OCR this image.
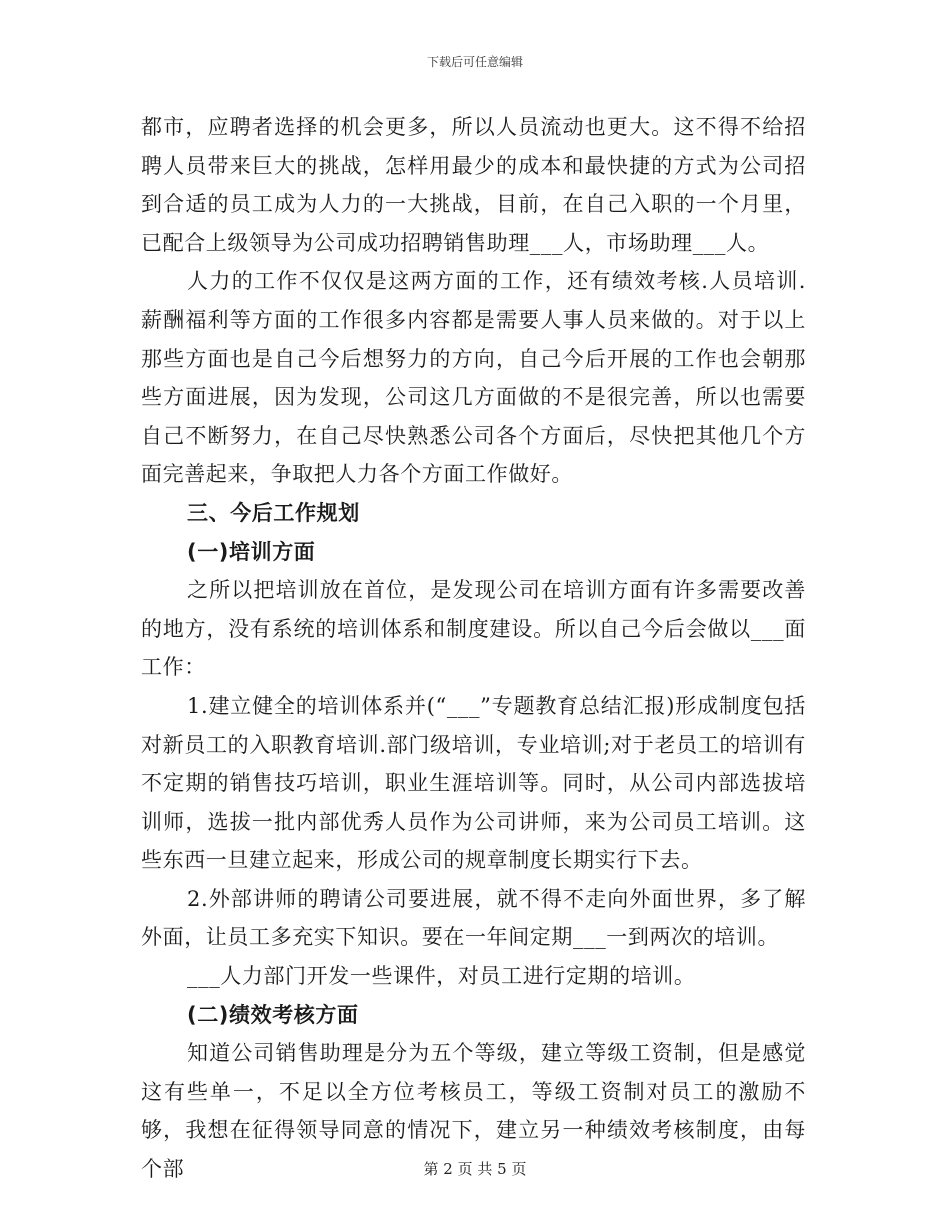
下载后可任意编辑

都市，应聘者选择的机会更多，所以人员流动也更大。这不得不给招聘人员带来巨大的挑战，怎样用最少的成本和最快捷的方式为公司招到合适的员工成为人力的一大挑战，目前，在自己入职的一个月里，已配合上级领导为公司成功招聘销售助理___人，市场助理___人。

人力的工作不仅仅是这两方面的工作，还有绩效考核.人员培训.薪酬福利等方面的工作很多内容都是需要人事人员来做的。对于以上那些方面也是自己今后想努力的方向，自己今后开展的工作也会朝那些方面进展，因为发现，公司这几方面做的不是很完善，所以也需要自己不断努力，在自己尽快熟悉公司各个方面后，尽快把其他几个方面完善起来，争取把人力各个方面工作做好。

三、今后工作规划

(一)培训方面

之所以把培训放在首位，是发现公司在培训方面有许多需要改善的地方，没有系统的培训体系和制度建设。所以自己今后会做以___面工作：

1.建立健全的培训体系并(“___”专题教育总结汇报)形成制度包括对新员工的入职教育培训.部门级培训，专业培训;对于老员工的培训有不定期的销售技巧培训，职业生涯培训等。同时，从公司内部选拔培训师，选拔一批内部优秀人员作为公司讲师，来为公司员工培训。这些东西一旦建立起来，形成公司的规章制度长期实行下去。

2.外部讲师的聘请公司要进展，就不得不走向外面世界，多了解外面，让员工多充实下知识。要在一年间定期___一到两次的培训。

___人力部门开发一些课件，对员工进行定期的培训。

(二)绩效考核方面

知道公司销售助理是分为五个等级，建立等级工资制，但是感觉这有些单一，不足以全方位考核员工，等级工资制对员工的激励不够，我想在征得领导同意的情况下，建立另一种绩效考核制度，由每个部	第 2 页 共 5 页
